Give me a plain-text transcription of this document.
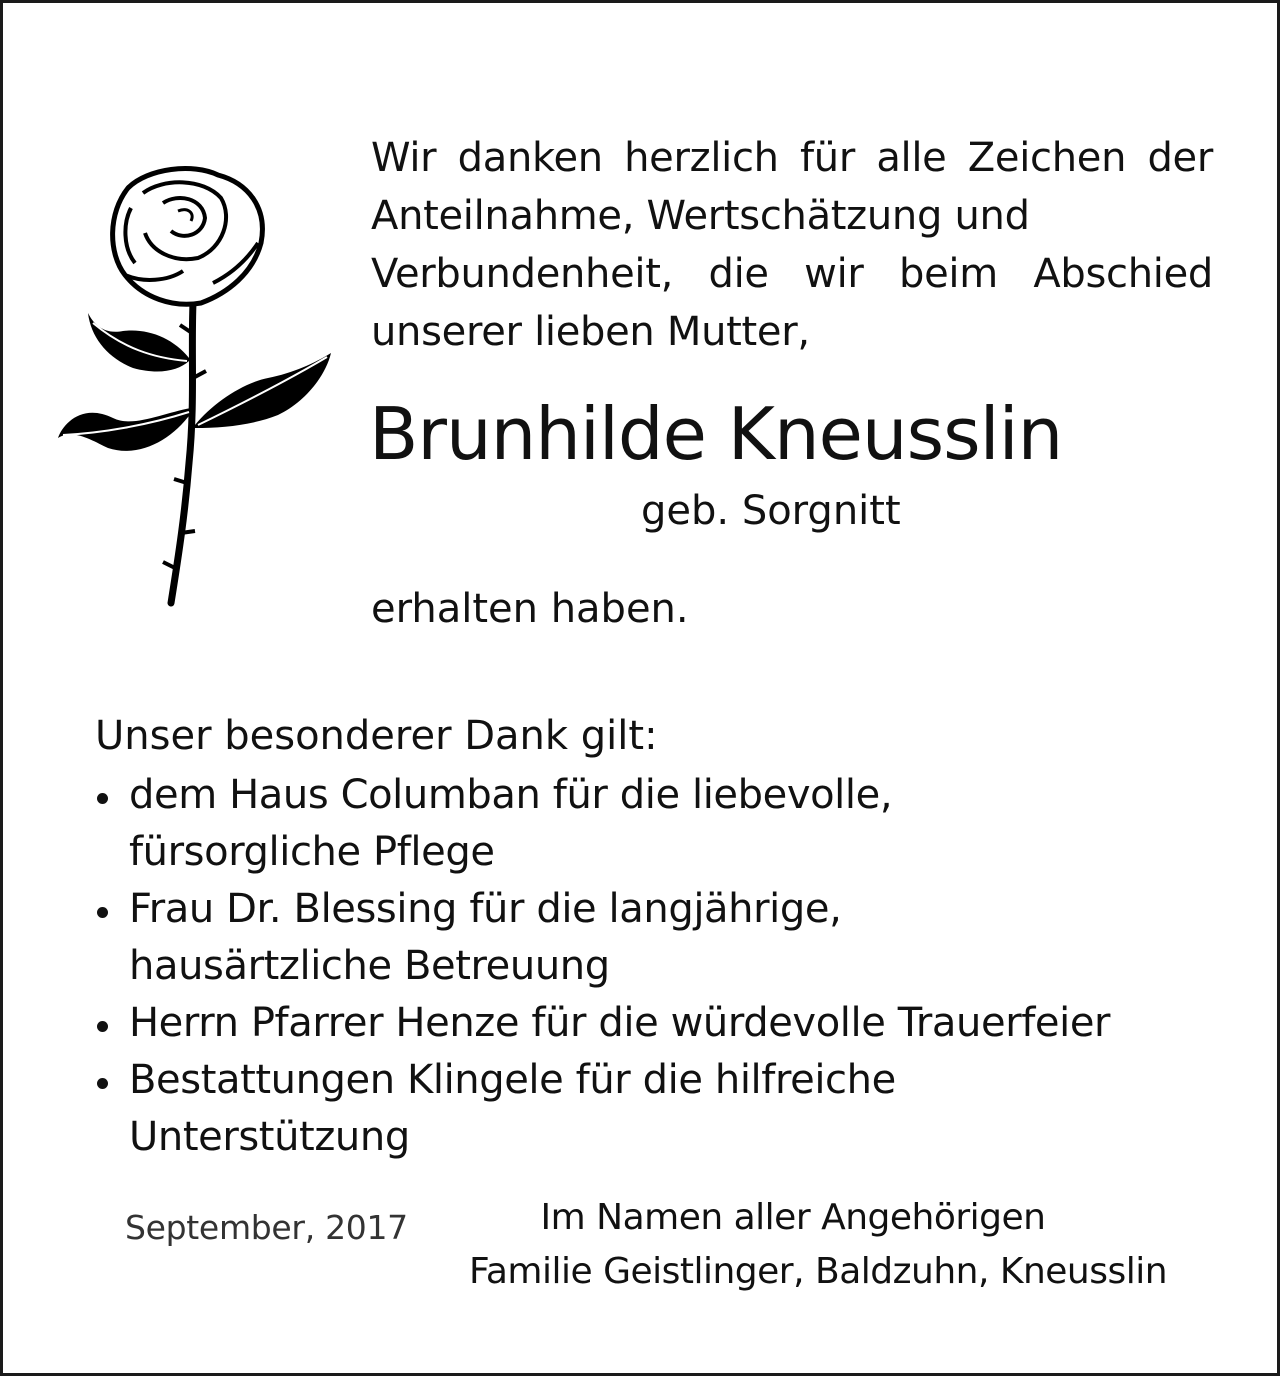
Wir danken herzlich für alle Zeichen der
Anteilnahme, Wertschätzung und
Verbundenheit, die wir beim Abschied
unserer lieben Mutter,
Brunhilde Kneusslin
geb. Sorgnitt
erhalten haben.
Unser besonderer Dank gilt:
dem Haus Columban für die liebevolle,
fürsorgliche Pflege
Frau Dr. Blessing für die langjährige,
hausärtzliche Betreuung
Herrn Pfarrer Henze für die würdevolle Trauerfeier
Bestattungen Klingele für die hilfreiche
Unterstützung
September, 2017	Im Namen aller Angehörigen
Familie Geistlinger, Baldzuhn, Kneusslin
